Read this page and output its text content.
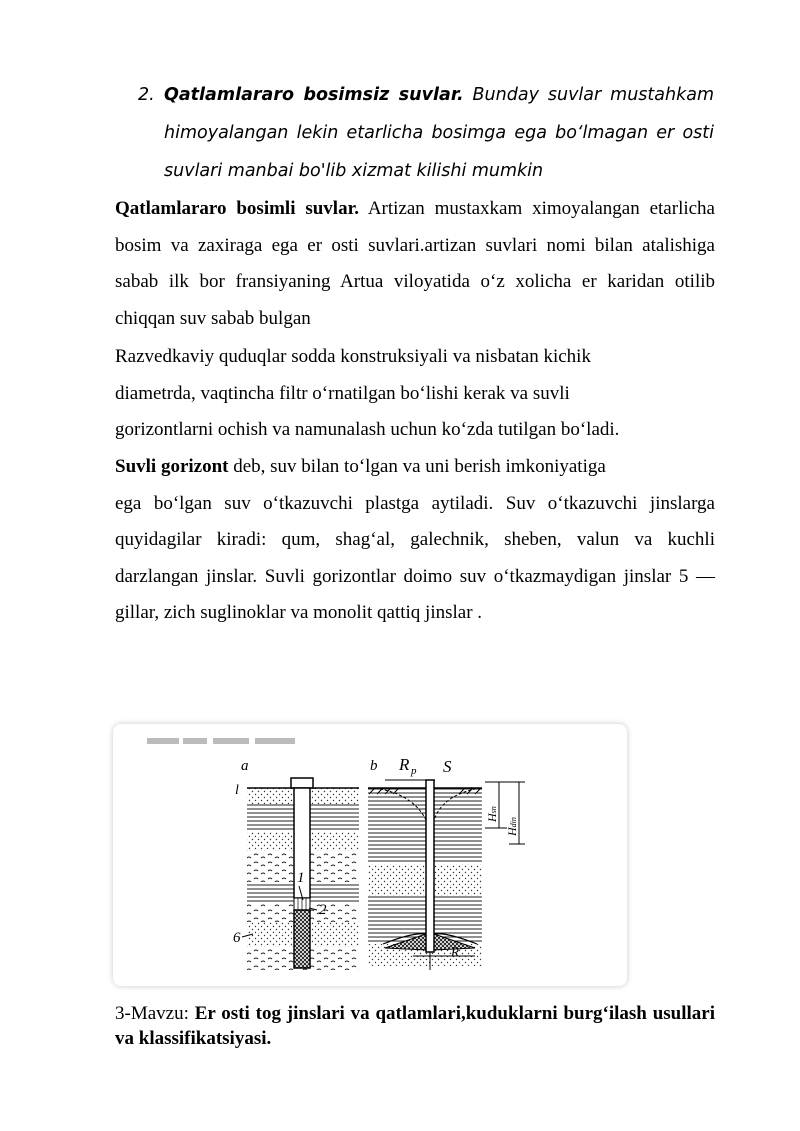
2. Qatlamlararo bosimsiz suvlar. Bunday suvlar mustahkam himoyalangan lekin etarlicha bosimga ega bo‘lmagan er osti suvlari manbai bo'lib xizmat kilishi mumkin
Qatlamlararo bosimli suvlar. Artizan mustaxkam ximoyalangan etarlicha bosim va zaxiraga ega er osti suvlari.artizan suvlari nomi bilan atalishiga sabab ilk bor fransiyaning Artua viloyatida o‘z xolicha er karidan otilib chiqqan suv sabab bulgan
Razvedkaviy quduqlar sodda konstruksiyali va nisbatan kichik diametrda, vaqtincha filtr o‘rnatilgan bo‘lishi kerak va suvli gorizontlarni ochish va namunalash uchun ko‘zda tutilgan bo‘ladi.
Suvli gorizont deb, suv bilan to‘lgan va uni berish imkoniyatiga
ega bo‘lgan suv o‘tkazuvchi plastga aytiladi. Suv o‘tkazuvchi jinslarga quyidagilar kiradi: qum, shag‘al, galechnik, sheben, valun va kuchli darzlangan jinslar. Suvli gorizontlar doimo suv o‘tkazmaydigan jinslar 5 — gillar, zich suglinoklar va monolit qattiq jinslar .
a
l
1
2
6
b R p S
R
Hsn
Hdin
3-Mavzu: Er osti tog jinslari va qatlamlari,kuduklarni burg‘ilash usullari va klassifikatsiyasi.
